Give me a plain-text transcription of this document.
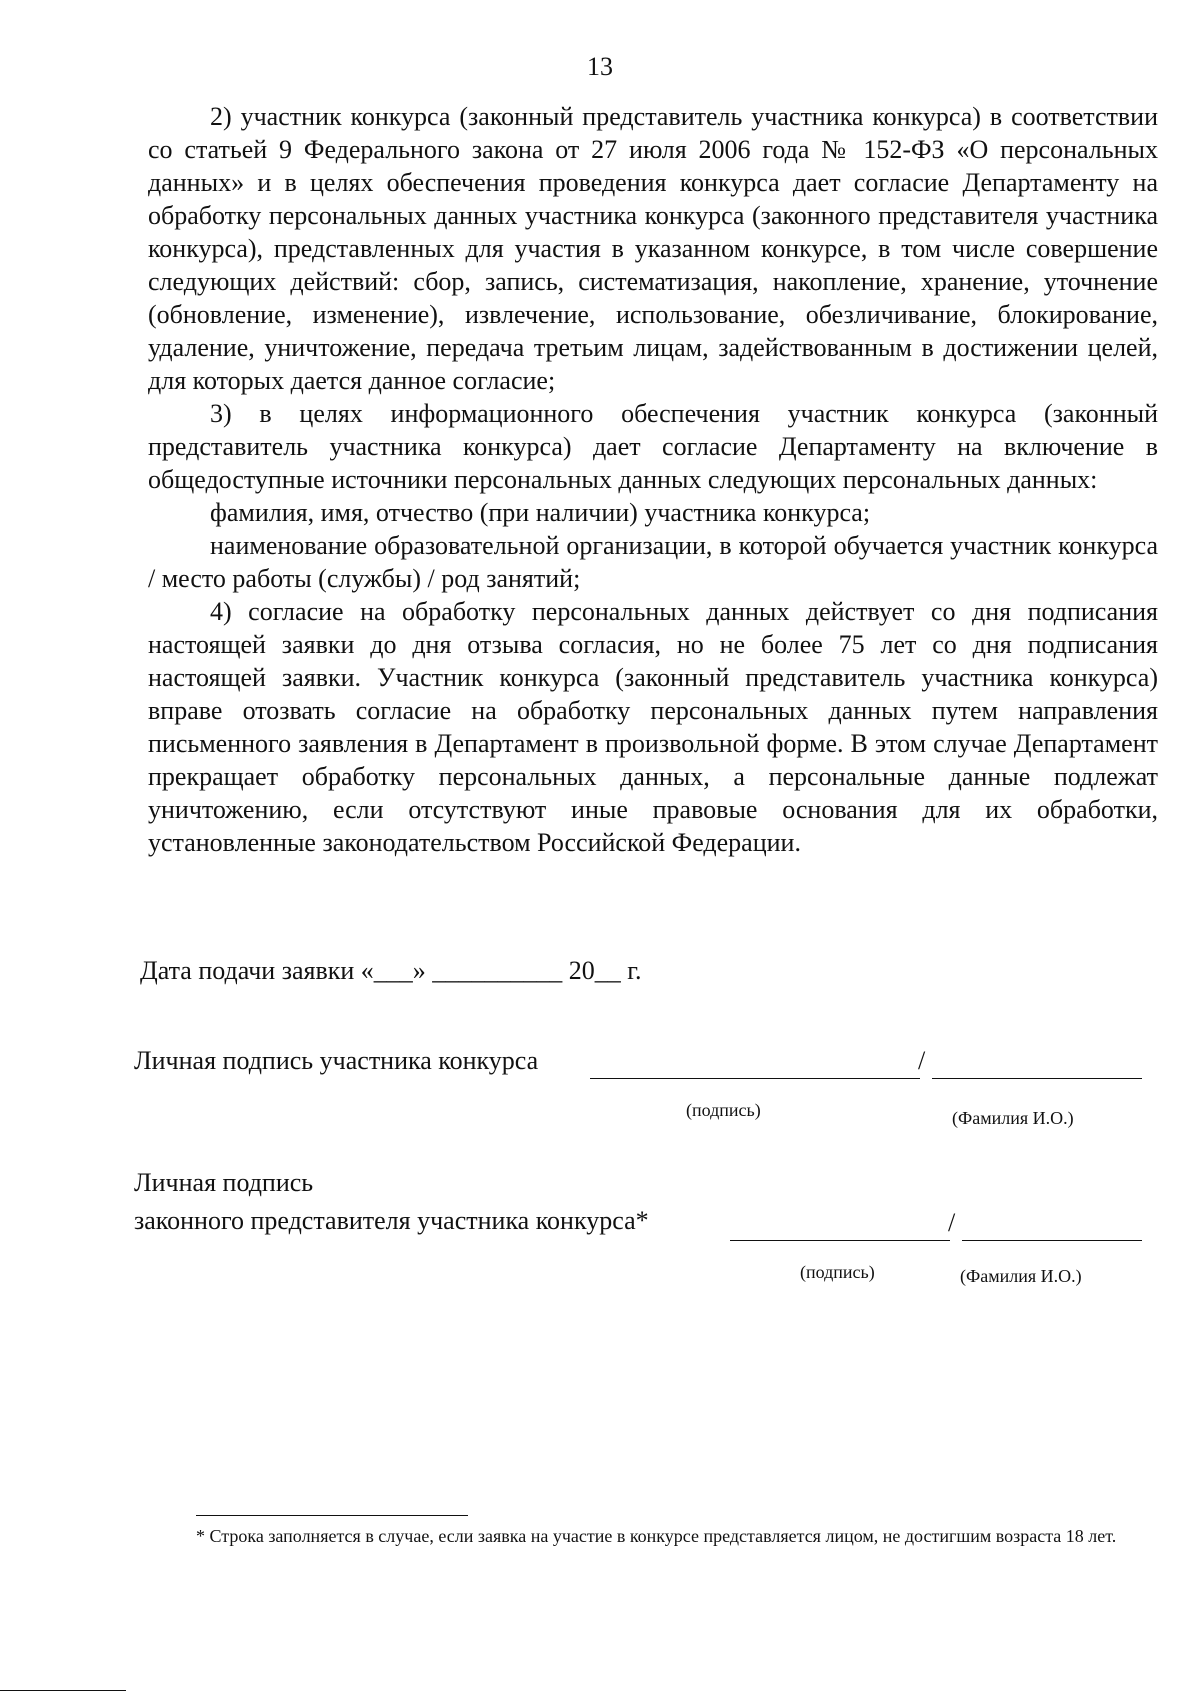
13

2) участник конкурса (законный представитель участника конкурса) в соответствии со статьей 9 Федерального закона от 27 июля 2006 года № 152-ФЗ «О персональных данных» и в целях обеспечения проведения конкурса дает согласие Департаменту на обработку персональных данных участника конкурса (законного представителя участника конкурса), представленных для участия в указанном конкурсе, в том числе совершение следующих действий: сбор, запись, систематизация, накопление, хранение, уточнение (обновление, изменение), извлечение, использование, обезличивание, блокирование, удаление, уничтожение, передача третьим лицам, задействованным в достижении целей, для которых дается данное согласие;

3) в целях информационного обеспечения участник конкурса (законный представитель участника конкурса) дает согласие Департаменту на включение в общедоступные источники персональных данных следующих персональных данных:

фамилия, имя, отчество (при наличии) участника конкурса;

наименование образовательной организации, в которой обучается участник конкурса / место работы (службы) / род занятий;

4) согласие на обработку персональных данных действует со дня подписания настоящей заявки до дня отзыва согласия, но не более 75 лет со дня подписания настоящей заявки. Участник конкурса (законный представитель участника конкурса) вправе отозвать согласие на обработку персональных данных путем направления письменного заявления в Департамент в произвольной форме. В этом случае Департамент прекращает обработку персональных данных, а персональные данные подлежат уничтожению, если отсутствуют иные правовые основания для их обработки, установленные законодательством Российской Федерации.

Дата подачи заявки «___» __________ 20__ г.
Личная подпись участника конкурса	/
(подпись)	(Фамилия И.О.)
Личная подпись
законного представителя участника конкурса*	/
(подпись)	(Фамилия И.О.)
* Строка заполняется в случае, если заявка на участие в конкурсе представляется лицом, не достигшим возраста 18 лет.
